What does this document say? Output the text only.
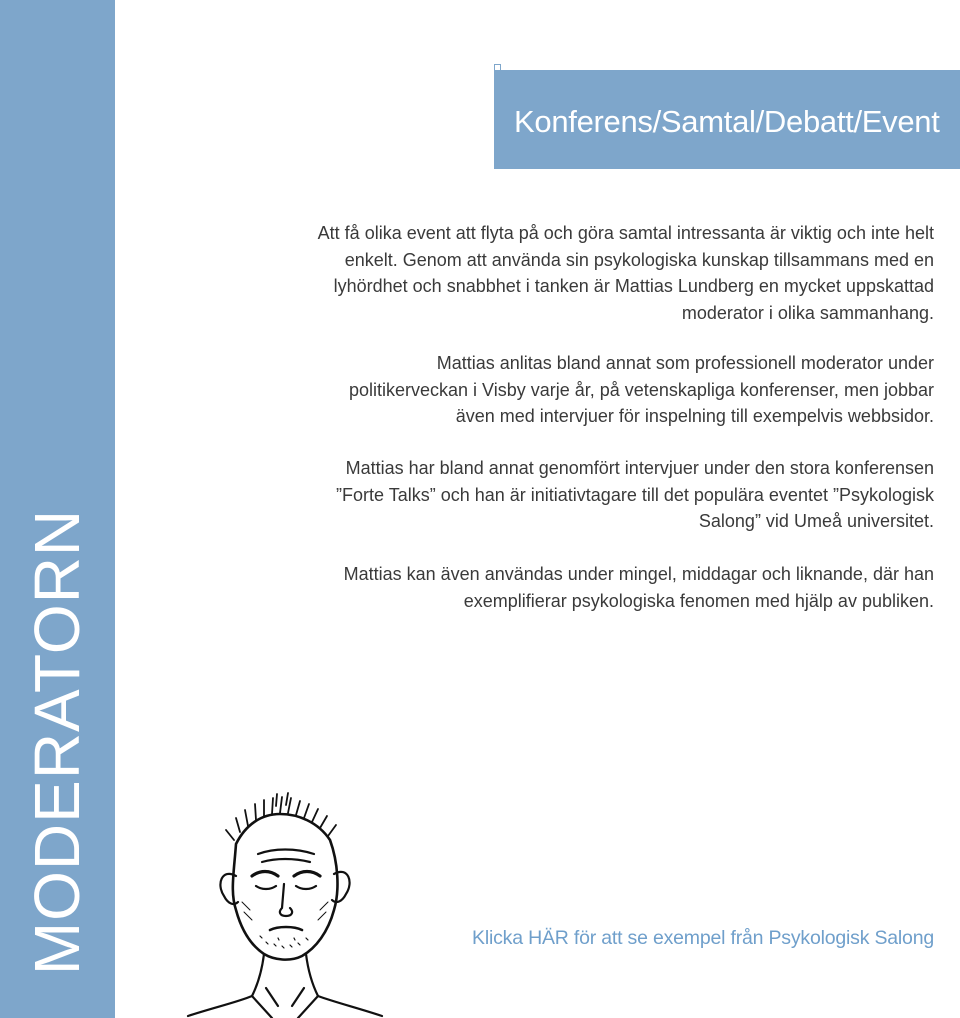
MODERATORN
Konferens/Samtal/Debatt/Event

Att få olika event att flyta på och göra samtal intressanta är viktig och inte helt enkelt. Genom att använda sin psykologiska kunskap tillsammans med en lyhördhet och snabbhet i tanken är Mattias Lundberg en mycket uppskattad moderator i olika sammanhang.

Mattias anlitas bland annat som professionell moderator under politikerveckan i Visby varje år, på vetenskapliga konferenser, men jobbar även med intervjuer för inspelning till exempelvis webbsidor.

Mattias har bland annat genomfört intervjuer under den stora konferensen ”Forte Talks” och han är initiativtagare till det populära eventet ”Psykologisk Salong” vid Umeå universitet.

Mattias kan även användas under mingel, middagar och liknande, där han exemplifierar psykologiska fenomen med hjälp av publiken.

Klicka HÄR för att se exempel från Psykologisk Salong
